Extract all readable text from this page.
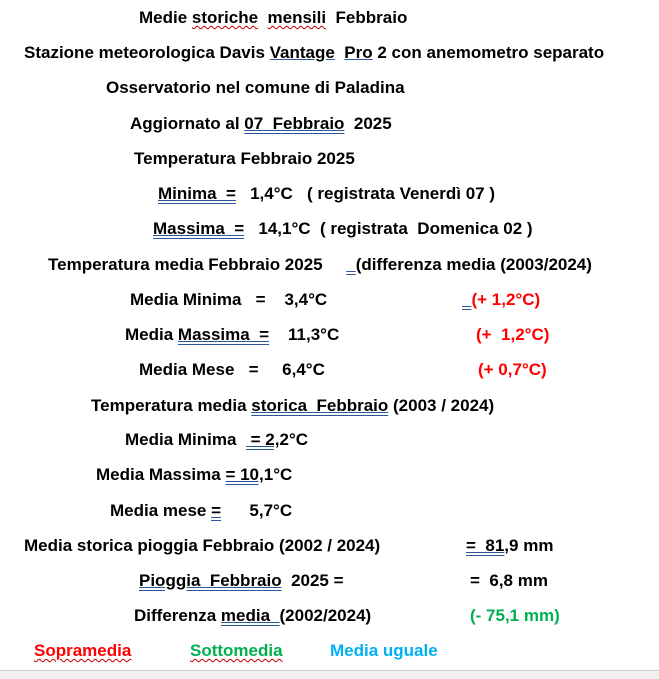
Medie storiche mensili  Febbraio
Stazione meteorologica Davis Vantage Pro 2 con anemometro separato
Osservatorio nel comune di Paladina
Aggiornato al 07  Febbraio  2025
Temperatura Febbraio 2025
Minima  =   1,4°C   ( registrata Venerdì 07 )
Massima  =   14,1°C  ( registrata  Domenica 02 )
Temperatura media Febbraio 2025       (differenza media (2003/2024)
Media Minima   =    3,4°C	(+ 1,2°C)
Media Massima  =    11,3°C	(+  1,2°C)
Media Mese   =     6,4°C	(+ 0,7°C)
Temperatura media storica  Febbraio (2003 / 2024)
Media Minima   = 2,2°C
Media Massima = 10,1°C
Media mese =      5,7°C
Media storica pioggia Febbraio (2002 / 2024)	=  81,9 mm
Pioggia  Febbraio  2025 =	=  6,8 mm
Differenza media  (2002/2024)	(- 75,1 mm)
Sopramedia	Sottomedia	Media uguale
